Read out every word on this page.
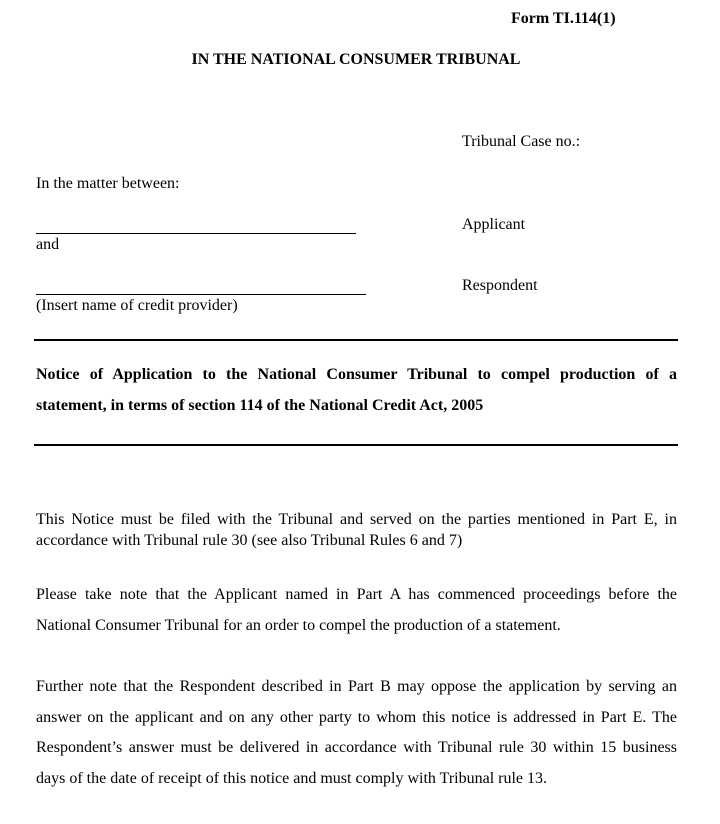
Form TI.114(1)
IN THE NATIONAL CONSUMER TRIBUNAL
Tribunal Case no.:
In the matter between:
Applicant
and
Respondent
(Insert name of credit provider)
Notice of Application to the National Consumer Tribunal to compel production of a statement, in terms of section 114 of the National Credit Act, 2005
This Notice must be filed with the Tribunal and served on the parties mentioned in Part E, in accordance with Tribunal rule 30 (see also Tribunal Rules 6 and 7)
Please take note that the Applicant named in Part A has commenced proceedings before the National Consumer Tribunal for an order to compel the production of a statement.
Further note that the Respondent described in Part B may oppose the application by serving an answer on the applicant and on any other party to whom this notice is addressed in Part E. The Respondent’s answer must be delivered in accordance with Tribunal rule 30 within 15 business days of the date of receipt of this notice and must comply with Tribunal rule 13.
